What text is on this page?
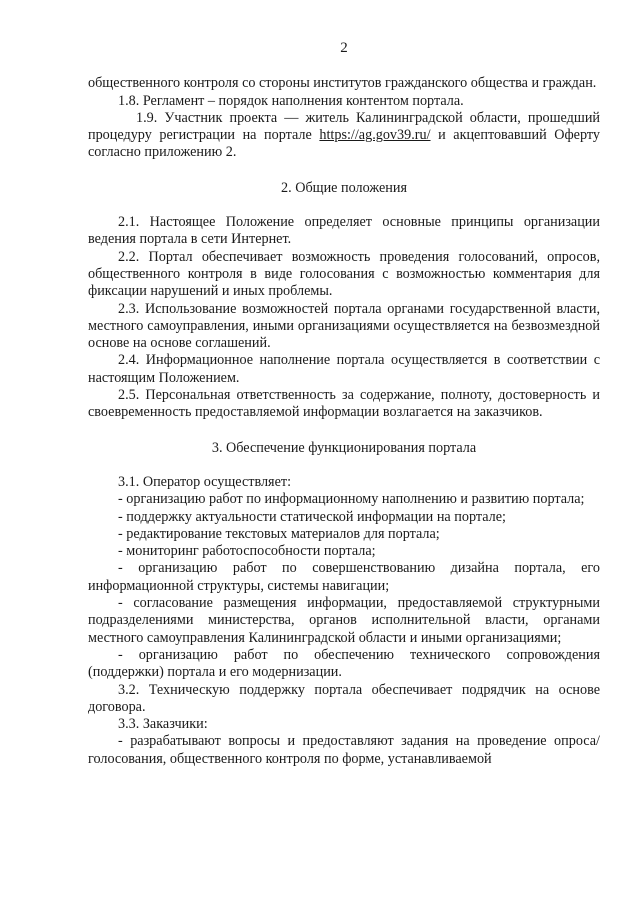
2

общественного контроля со стороны институтов гражданского общества и граждан.

1.8. Регламент – порядок наполнения контентом портала.

1.9. Участник проекта — житель Калининградской области, прошедший процедуру регистрации на портале https://ag.gov39.ru/ и акцептовавший Оферту согласно приложению 2.

2. Общие положения

2.1. Настоящее Положение определяет основные принципы организации ведения портала в сети Интернет.

2.2. Портал обеспечивает возможность проведения голосований, опросов, общественного контроля в виде голосования с возможностью комментария для фиксации нарушений и иных проблемы.

2.3. Использование возможностей портала органами государственной власти, местного самоуправления, иными организациями осуществляется на безвозмездной основе на основе соглашений.

2.4. Информационное наполнение портала осуществляется в соответствии с настоящим Положением.

2.5. Персональная ответственность за содержание, полноту, достоверность и своевременность предоставляемой информации возлагается на заказчиков.

3. Обеспечение функционирования портала

3.1. Оператор осуществляет:

- организацию работ по информационному наполнению и развитию портала;

- поддержку актуальности статической информации на портале;

- редактирование текстовых материалов для портала;

- мониторинг работоспособности портала;

- организацию работ по совершенствованию дизайна портала, его информационной структуры, системы навигации;

- согласование размещения информации, предоставляемой структурными подразделениями министерства, органов исполнительной власти, органами местного самоуправления Калининградской области и иными организациями;

- организацию работ по обеспечению технического сопровождения (поддержки) портала и его модернизации.

3.2. Техническую поддержку портала обеспечивает подрядчик на основе договора.

3.3. Заказчики:

- разрабатывают вопросы и предоставляют задания на проведение опроса/голосования, общественного контроля по форме, устанавливаемой
